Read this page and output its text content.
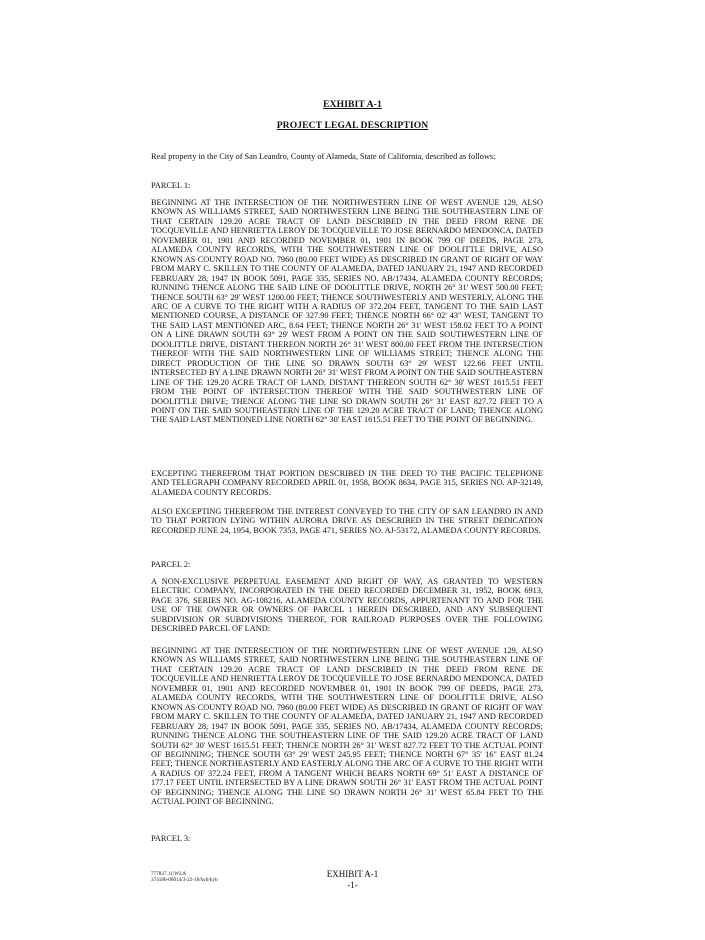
EXHIBIT A-1
PROJECT LEGAL DESCRIPTION

Real property in the City of San Leandro, County of Alameda, State of California, described as follows:

PARCEL 1:

BEGINNING AT THE INTERSECTION OF THE NORTHWESTERN LINE OF WEST AVENUE 129, ALSO KNOWN AS WILLIAMS STREET, SAID NORTHWESTERN LINE BEING THE SOUTHEASTERN LINE OF THAT CERTAIN 129.20 ACRE TRACT OF LAND DESCRIBED IN THE DEED FROM RENE DE TOCQUEVILLE AND HENRIETTA LEROY DE TOCQUEVILLE TO JOSE BERNARDO MENDONCA, DATED NOVEMBER 01, 1901 AND RECORDED NOVEMBER 01, 1901 IN BOOK 799 OF DEEDS, PAGE 273, ALAMEDA COUNTY RECORDS, WITH THE SOUTHWESTERN LINE OF DOOLITTLE DRIVE, ALSO KNOWN AS COUNTY ROAD NO. 7960 (80.00 FEET WIDE) AS DESCRIBED IN GRANT OF RIGHT OF WAY FROM MARY C. SKILLEN TO THE COUNTY OF ALAMEDA, DATED JANUARY 21, 1947 AND RECORDED FEBRUARY 28, 1947 IN BOOK 5091, PAGE 335, SERIES NO. AB/17434, ALAMEDA COUNTY RECORDS; RUNNING THENCE ALONG THE SAID LINE OF DOOLITTLE DRIVE, NORTH 26° 31' WEST 500.00 FEET; THENCE SOUTH 63° 29' WEST 1200.00 FEET; THENCE SOUTHWESTERLY AND WESTERLY, ALONG THE ARC OF A CURVE TO THE RIGHT WITH A RADIUS OF 372.204 FEET, TANGENT TO THE SAID LAST MENTIONED COURSE, A DISTANCE OF 327.90 FEET; THENCE NORTH 66° 02' 43" WEST, TANGENT TO THE SAID LAST MENTIONED ARC, 8.64 FEET; THENCE NORTH 26° 31' WEST 158.02 FEET TO A POINT ON A LINE DRAWN SOUTH 63° 29' WEST FROM A POINT ON THE SAID SOUTHWESTERN LINE OF DOOLITTLE DRIVE, DISTANT THEREON NORTH 26° 31' WEST 800.00 FEET FROM THE INTERSECTION THEREOF WITH THE SAID NORTHWESTERN LINE OF WILLIAMS STREET; THENCE ALONG THE DIRECT PRODUCTION OF THE LINE SO DRAWN SOUTH 63° 29' WEST 122.66 FEET UNTIL INTERSECTED BY A LINE DRAWN NORTH 26° 31' WEST FROM A POINT ON THE SAID SOUTHEASTERN LINE OF THE 129.20 ACRE TRACT OF LAND, DISTANT THEREON SOUTH 62° 30' WEST 1615.51 FEET FROM THE POINT OF INTERSECTION THEREOF WITH THE SAID SOUTHWESTERN LINE OF DOOLITTLE DRIVE; THENCE ALONG THE LINE SO DRAWN SOUTH 26° 31' EAST 827.72 FEET TO A POINT ON THE SAID SOUTHEASTERN LINE OF THE 129.20 ACRE TRACT OF LAND; THENCE ALONG THE SAID LAST MENTIONED LINE NORTH 62° 30' EAST 1615.51 FEET TO THE POINT OF BEGINNING.

EXCEPTING THEREFROM THAT PORTION DESCRIBED IN THE DEED TO THE PACIFIC TELEPHONE AND TELEGRAPH COMPANY RECORDED APRIL 01, 1958, BOOK 8634, PAGE 315, SERIES NO. AP-32149, ALAMEDA COUNTY RECORDS.

ALSO EXCEPTING THEREFROM THE INTEREST CONVEYED TO THE CITY OF SAN LEANDRO IN AND TO THAT PORTION LYING WITHIN AURORA DRIVE AS DESCRIBED IN THE STREET DEDICATION RECORDED JUNE 24, 1954, BOOK 7353, PAGE 471, SERIES NO. AJ-53172, ALAMEDA COUNTY RECORDS.

PARCEL 2:

A NON-EXCLUSIVE PERPETUAL EASEMENT AND RIGHT OF WAY, AS GRANTED TO WESTERN ELECTRIC COMPANY, INCORPORATED IN THE DEED RECORDED DECEMBER 31, 1952, BOOK 6913, PAGE 376, SERIES NO. AG-108216, ALAMEDA COUNTY RECORDS, APPURTENANT TO AND FOR THE USE OF THE OWNER OR OWNERS OF PARCEL 1 HEREIN DESCRIBED, AND ANY SUBSEQUENT SUBDIVISION OR SUBDIVISIONS THEREOF, FOR RAILROAD PURPOSES OVER THE FOLLOWING DESCRIBED PARCEL OF LAND:

BEGINNING AT THE INTERSECTION OF THE NORTHWESTERN LINE OF WEST AVENUE 129, ALSO KNOWN AS WILLIAMS STREET, SAID NORTHWESTERN LINE BEING THE SOUTHEASTERN LINE OF THAT CERTAIN 129.20 ACRE TRACT OF LAND DESCRIBED IN THE DEED FROM RENE DE TOCQUEVILLE AND HENRIETTA LEROY DE TOCQUEVILLE TO JOSE BERNARDO MENDONCA, DATED NOVEMBER 01, 1901 AND RECORDED NOVEMBER 01, 1901 IN BOOK 799 OF DEEDS, PAGE 273, ALAMEDA COUNTY RECORDS, WITH THE SOUTHWESTERN LINE OF DOOLITTLE DRIVE, ALSO KNOWN AS COUNTY ROAD NO. 7960 (80.00 FEET WIDE) AS DESCRIBED IN GRANT OF RIGHT OF WAY FROM MARY C. SKILLEN TO THE COUNTY OF ALAMEDA, DATED JANUARY 21, 1947 AND RECORDED FEBRUARY 28, 1947 IN BOOK 5091, PAGE 335, SERIES NO. AB/17434, ALAMEDA COUNTY RECORDS; RUNNING THENCE ALONG THE SOUTHEASTERN LINE OF THE SAID 129.20 ACRE TRACT OF LAND SOUTH 62° 30' WEST 1615.51 FEET; THENCE NORTH 26° 31' WEST 827.72 FEET TO THE ACTUAL POINT OF BEGINNING; THENCE SOUTH 63° 29' WEST 245.95 FEET; THENCE NORTH 67° 35' 16" EAST 81.24 FEET; THENCE NORTHEASTERLY AND EASTERLY ALONG THE ARC OF A CURVE TO THE RIGHT WITH A RADIUS OF 372.24 FEET, FROM A TANGENT WHICH BEARS NORTH 69° 51' EAST A DISTANCE OF 177.17 FEET UNTIL INTERSECTED BY A LINE DRAWN SOUTH 26° 31' EAST FROM THE ACTUAL POINT OF BEGINNING; THENCE ALONG THE LINE SO DRAWN NORTH 26° 31' WEST 65.84 FEET TO THE ACTUAL POINT OF BEGINNING.

PARCEL 3:

777837.11/WLA
374186-00014/3-22-18/kyb/kyb
EXHIBIT A-1
-1-
